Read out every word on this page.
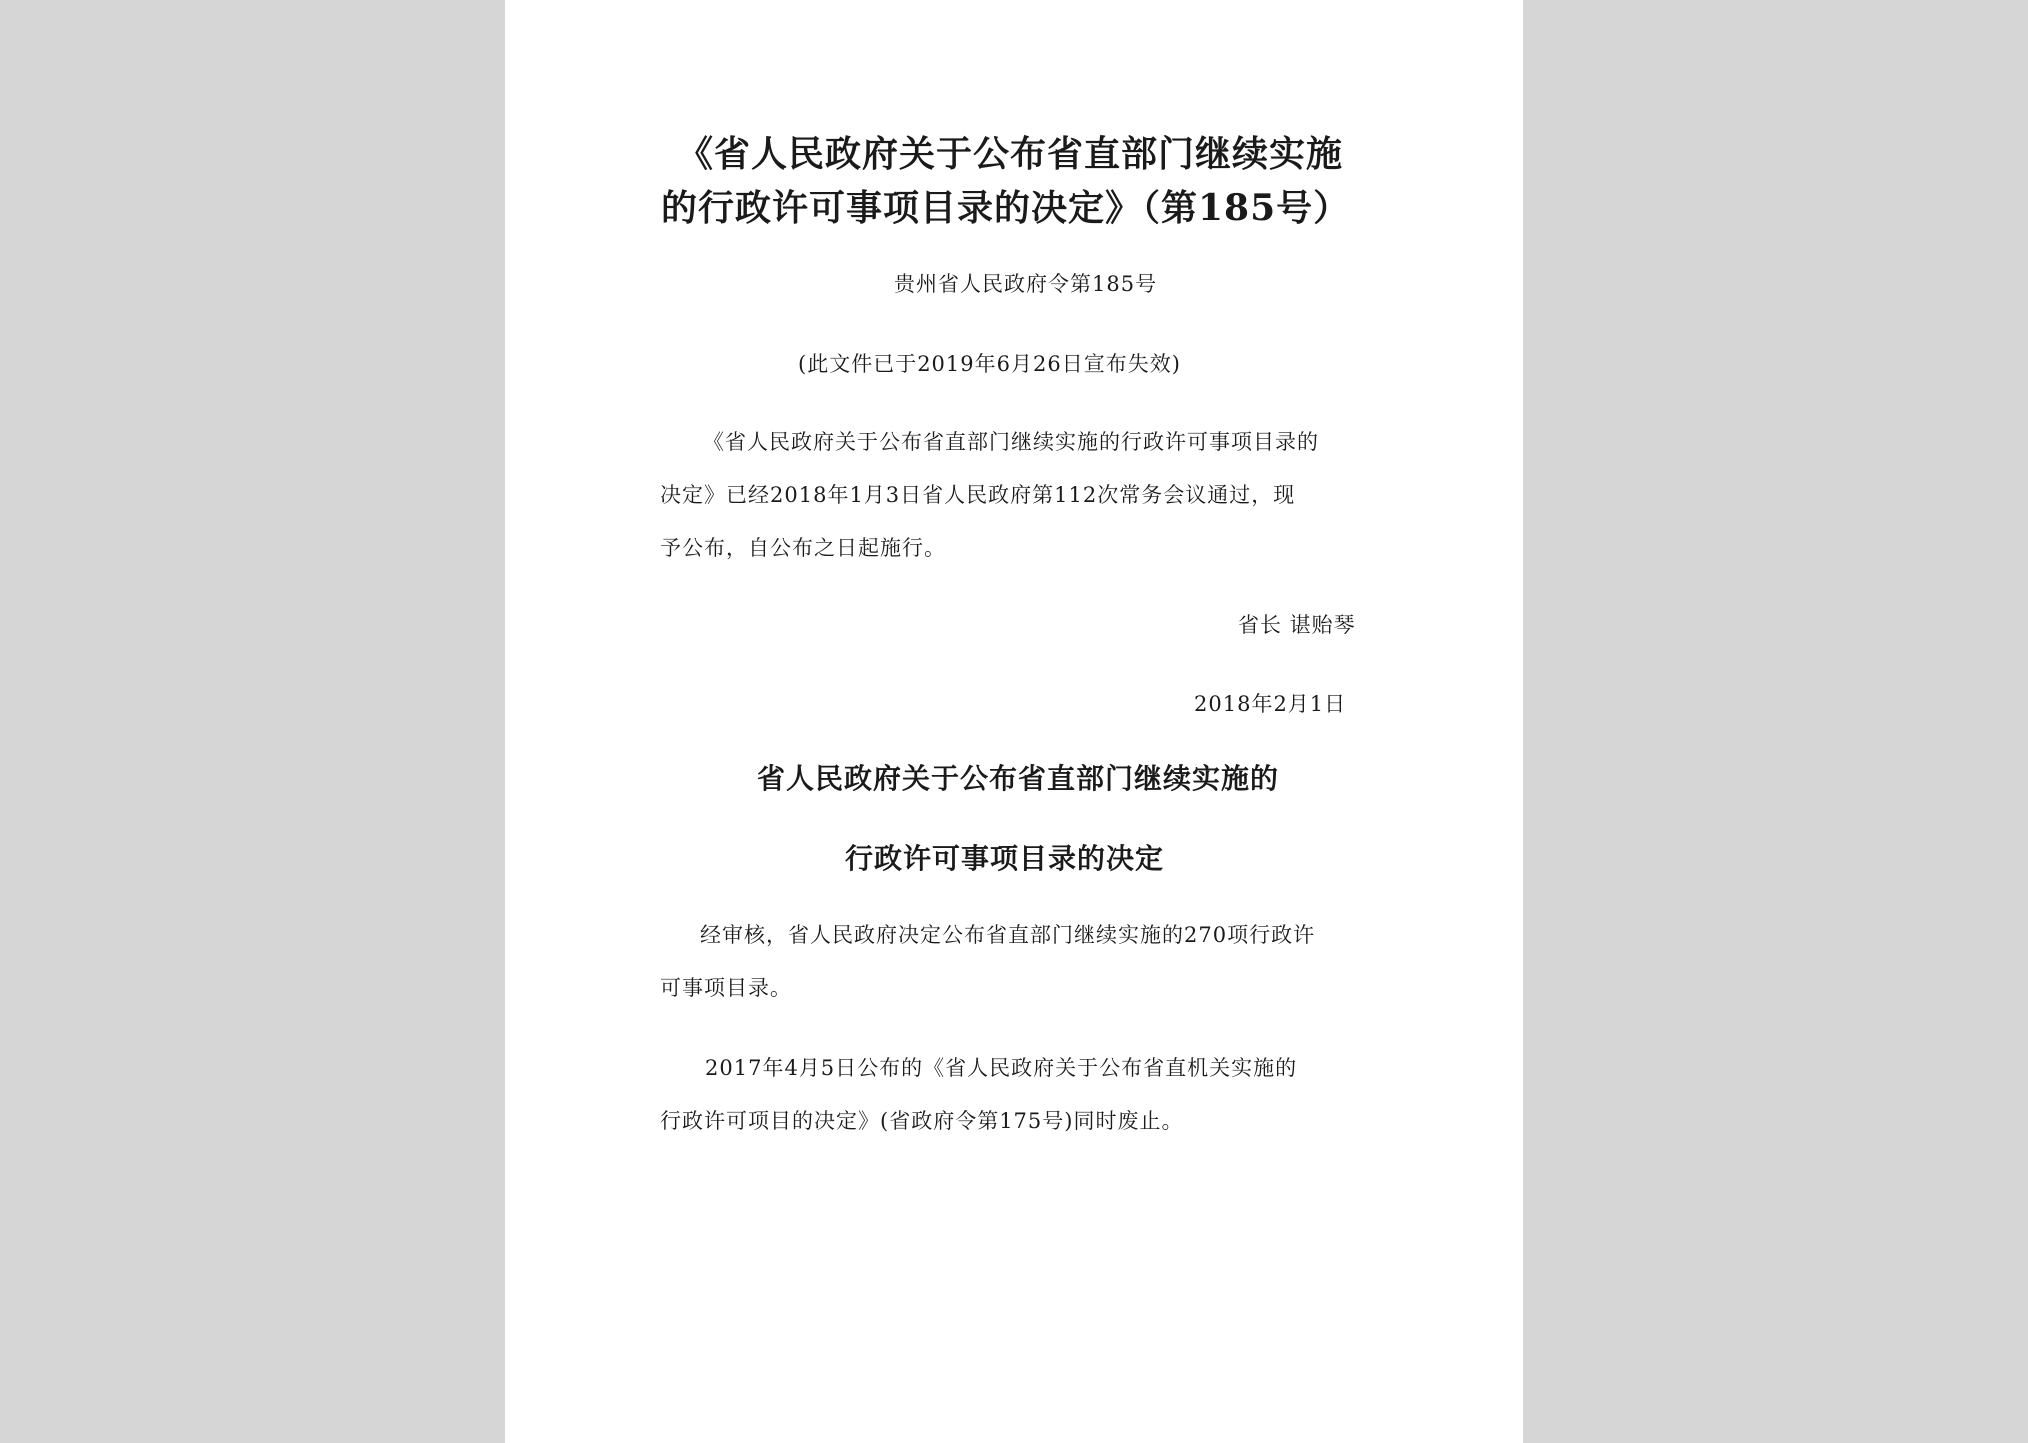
《省人民政府关于公布省直部门继续实施
的行政许可事项目录的决定》（第185号）
贵州省人民政府令第185号
(此文件已于2019年6月26日宣布失效)
《省人民政府关于公布省直部门继续实施的行政许可事项目录的
决定》已经2018年1月3日省人民政府第112次常务会议通过，现
予公布，自公布之日起施行。
省长 谌贻琴
2018年2月1日
省人民政府关于公布省直部门继续实施的
行政许可事项目录的决定
经审核，省人民政府决定公布省直部门继续实施的270项行政许
可事项目录。
2017年4月5日公布的《省人民政府关于公布省直机关实施的
行政许可项目的决定》(省政府令第175号)同时废止。
